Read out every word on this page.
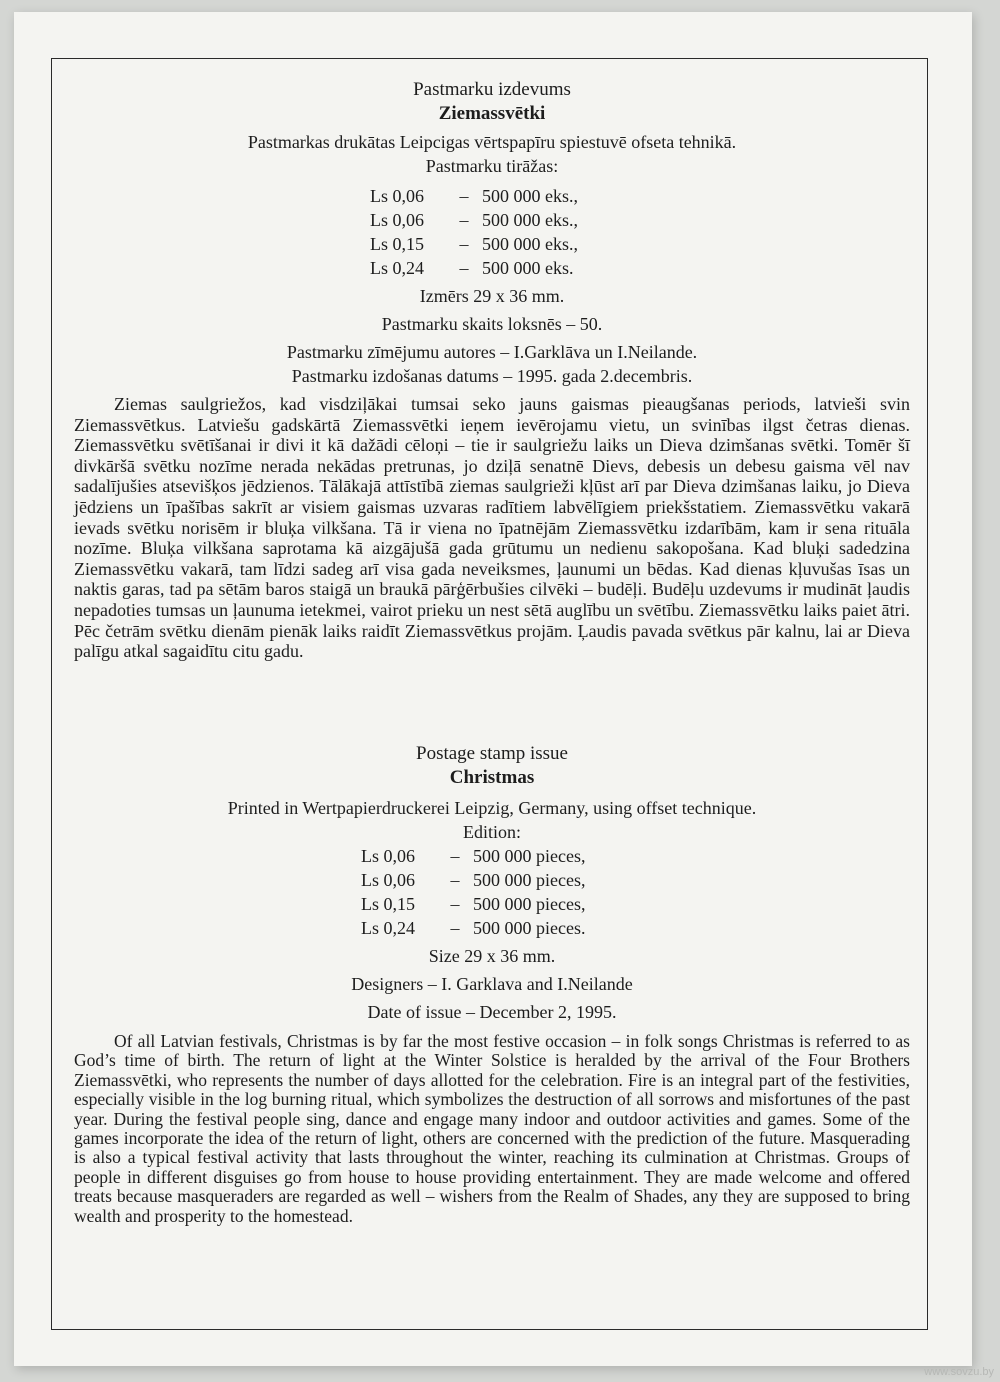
Pastmarku izdevums

Ziemassvētki

Pastmarkas drukātas Leipcigas vērtspapīru spiestuvē ofseta tehnikā.

Pastmarku tirāžas:

Ls 0,06	– 500 000 eks.,
Ls 0,06	– 500 000 eks.,
Ls 0,15	– 500 000 eks.,
Ls 0,24	– 500 000 eks.

Izmērs 29 x 36 mm.

Pastmarku skaits loksnēs – 50.

Pastmarku zīmējumu autores – I.Garklāva un I.Neilande.

Pastmarku izdošanas datums – 1995. gada 2.decembris.

Ziemas saulgriežos, kad visdziļākai tumsai seko jauns gaismas pieaugšanas periods, latvieši svin Ziemassvētkus. Latviešu gadskārtā Ziemassvētki ieņem ievērojamu vietu, un svinības ilgst četras dienas. Ziemassvētku svētīšanai ir divi it kā dažādi cēloņi – tie ir saulgriežu laiks un Dieva dzimšanas svētki. Tomēr šī divkāršā svētku nozīme nerada nekādas pretrunas, jo dziļā senatnē Dievs, debesis un debesu gaisma vēl nav sadalījušies atsevišķos jēdzienos. Tālākajā attīstībā ziemas saulgrieži kļūst arī par Dieva dzimšanas laiku, jo Dieva jēdziens un īpašības sakrīt ar visiem gaismas uzvaras radītiem labvēlīgiem priekšstatiem. Ziemassvētku vakarā ievads svētku norisēm ir bluķa vilkšana. Tā ir viena no īpatnējām Ziemassvētku izdarībām, kam ir sena rituāla nozīme. Bluķa vilkšana saprotama kā aizgājušā gada grūtumu un nedienu sakopošana. Kad bluķi sadedzina Ziemassvētku vakarā, tam līdzi sadeg arī visa gada neveiksmes, ļaunumi un bēdas. Kad dienas kļuvušas īsas un naktis garas, tad pa sētām baros staigā un braukā pārģērbušies cilvēki – budēļi. Budēļu uzdevums ir mudināt ļaudis nepadoties tumsas un ļaunuma ietekmei, vairot prieku un nest sētā auglību un svētību. Ziemassvētku laiks paiet ātri. Pēc četrām svētku dienām pienāk laiks raidīt Ziemassvētkus projām. Ļaudis pavada svētkus pār kalnu, lai ar Dieva palīgu atkal sagaidītu citu gadu.

Postage stamp issue

Christmas

Printed in Wertpapierdruckerei Leipzig, Germany, using offset technique.

Edition:

Ls 0,06	– 500 000 pieces,
Ls 0,06	– 500 000 pieces,
Ls 0,15	– 500 000 pieces,
Ls 0,24	– 500 000 pieces.

Size 29 x 36 mm.

Designers – I. Garklava and I.Neilande

Date of issue – December 2, 1995.

Of all Latvian festivals, Christmas is by far the most festive occasion – in folk songs Christmas is referred to as God’s time of birth. The return of light at the Winter Solstice is heralded by the arrival of the Four Brothers Ziemassvētki, who represents the number of days allotted for the celebration. Fire is an integral part of the festivities, especially visible in the log burning ritual, which symbolizes the destruction of all sorrows and misfortunes of the past year. During the festival people sing, dance and engage many indoor and outdoor activities and games. Some of the games incorporate the idea of the return of light, others are concerned with the prediction of the future. Masquerading is also a typical festival activity that lasts throughout the winter, reaching its culmination at Christmas. Groups of people in different disguises go from house to house providing entertainment. They are made welcome and offered treats because masqueraders are regarded as well – wishers from the Realm of Shades, any they are supposed to bring wealth and prosperity to the homestead.

www.sovzu.by
